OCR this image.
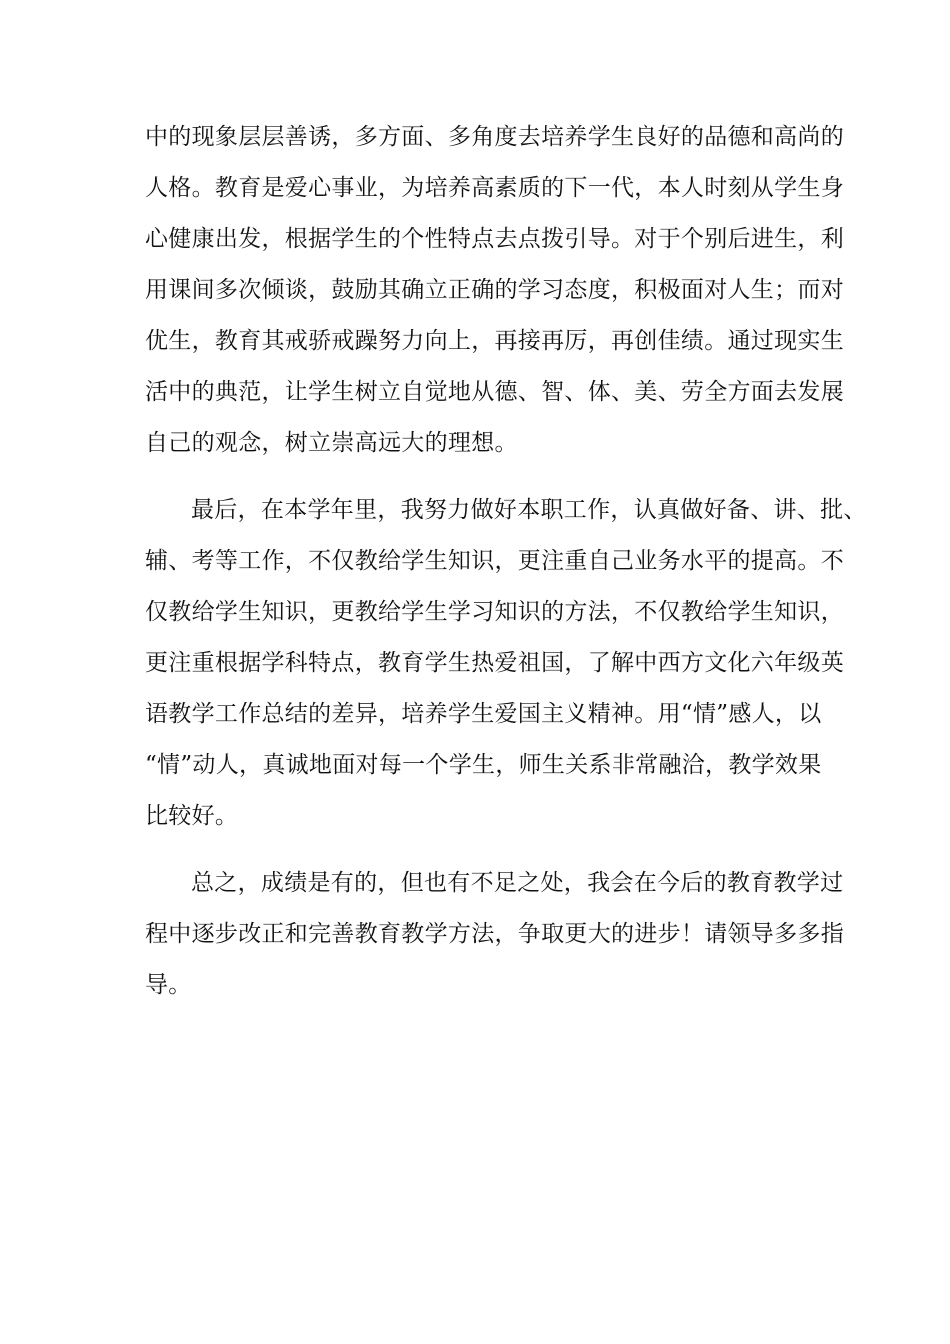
中的现象层层善诱，多方面、多角度去培养学生良好的品德和高尚的
人格。教育是爱心事业，为培养高素质的下一代，本人时刻从学生身
心健康出发，根据学生的个性特点去点拨引导。对于个别后进生，利
用课间多次倾谈，鼓励其确立正确的学习态度，积极面对人生；而对
优生，教育其戒骄戒躁努力向上，再接再厉，再创佳绩。通过现实生
活中的典范，让学生树立自觉地从德、智、体、美、劳全方面去发展
自己的观念，树立崇高远大的理想。
最后，在本学年里，我努力做好本职工作，认真做好备、讲、批、
辅、考等工作，不仅教给学生知识，更注重自己业务水平的提高。不
仅教给学生知识，更教给学生学习知识的方法，不仅教给学生知识，
更注重根据学科特点，教育学生热爱祖国，了解中西方文化六年级英
语教学工作总结的差异，培养学生爱国主义精神。用“情”感人，以
“情”动人，真诚地面对每一个学生，师生关系非常融洽，教学效果
比较好。
总之，成绩是有的，但也有不足之处，我会在今后的教育教学过
程中逐步改正和完善教育教学方法，争取更大的进步！请领导多多指
导。
